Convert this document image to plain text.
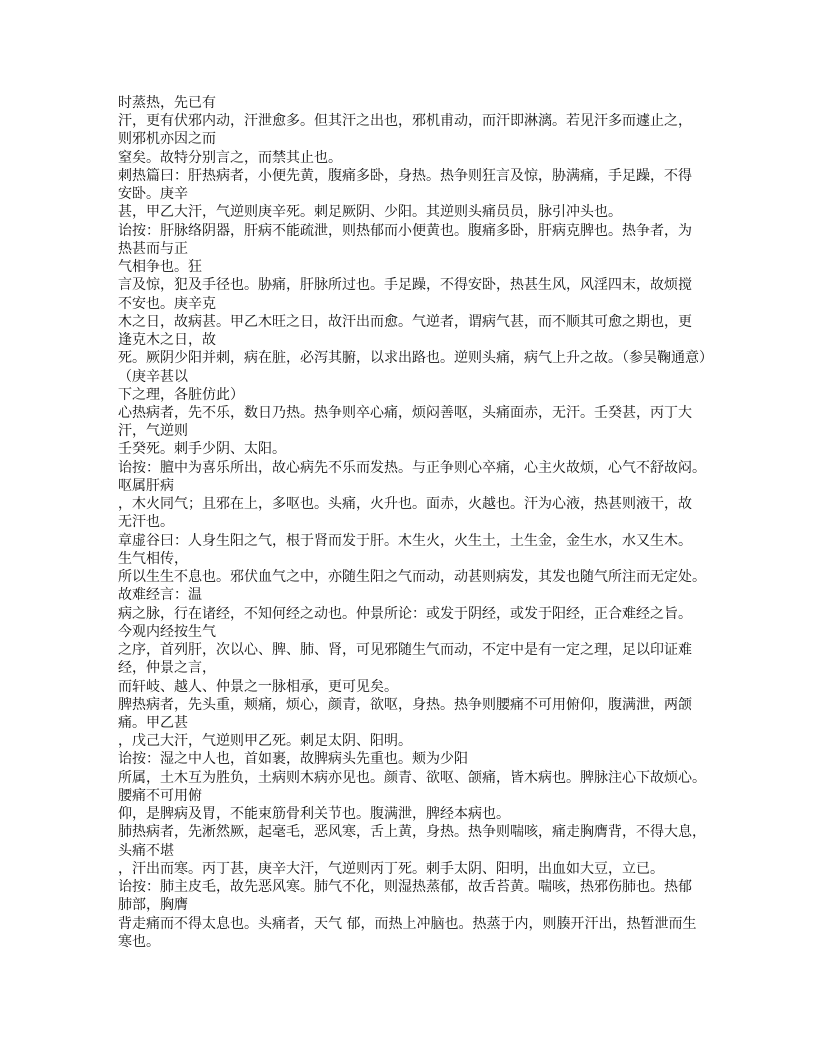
时蒸热，先已有
汗，更有伏邪内动，汗泄愈多。但其汗之出也，邪机甫动，而汗即淋漓。若见汗多而遽止之，
则邪机亦因之而
窒矣。故特分别言之，而禁其止也。
刺热篇曰：肝热病者，小便先黄，腹痛多卧，身热。热争则狂言及惊，胁满痛，手足躁，不得
安卧。庚辛
甚，甲乙大汗，气逆则庚辛死。刺足厥阴、少阳。其逆则头痛员员，脉引冲头也。
诒按：肝脉络阴器，肝病不能疏泄，则热郁而小便黄也。腹痛多卧，肝病克脾也。热争者，为
热甚而与正
气相争也。狂
言及惊，犯及手径也。胁痛，肝脉所过也。手足躁，不得安卧，热甚生风，风淫四末，故烦搅
不安也。庚辛克
木之日，故病甚。甲乙木旺之日，故汗出而愈。气逆者，谓病气甚，而不顺其可愈之期也，更
逢克木之日，故
死。厥阴少阳并刺，病在脏，必泻其腑，以求出路也。逆则头痛，病气上升之故。（参吴鞠通意）
（庚辛甚以
下之理，各脏仿此）
心热病者，先不乐，数日乃热。热争则卒心痛，烦闷善呕，头痛面赤，无汗。壬癸甚，丙丁大
汗，气逆则
壬癸死。刺手少阴、太阳。
诒按：膻中为喜乐所出，故心病先不乐而发热。与正争则心卒痛，心主火故烦，心气不舒故闷。
呕属肝病
，木火同气；且邪在上，多呕也。头痛，火升也。面赤，火越也。汗为心液，热甚则液干，故
无汗也。
章虚谷曰：人身生阳之气，根于肾而发于肝。木生火，火生土，土生金，金生水，水又生木。
生气相传，
所以生生不息也。邪伏血气之中，亦随生阳之气而动，动甚则病发，其发也随气所注而无定处。
故难经言：温
病之脉，行在诸经，不知何经之动也。仲景所论：或发于阴经，或发于阳经，正合难经之旨。
今观内经按生气
之序，首列肝，次以心、脾、肺、肾，可见邪随生气而动，不定中是有一定之理，足以印证难
经，仲景之言，
而轩岐、越人、仲景之一脉相承，更可见矣。
脾热病者，先头重，颊痛，烦心，颜青，欲呕，身热。热争则腰痛不可用俯仰，腹满泄，两颌
痛。甲乙甚
，戊己大汗，气逆则甲乙死。刺足太阴、阳明。
诒按：湿之中人也，首如裹，故脾病头先重也。颊为少阳
所属，土木互为胜负，土病则木病亦见也。颜青、欲呕、颌痛，皆木病也。脾脉注心下故烦心。
腰痛不可用俯
仰，是脾病及胃，不能束筋骨利关节也。腹满泄，脾经本病也。
肺热病者，先淅然厥，起毫毛，恶风寒，舌上黄，身热。热争则喘咳，痛走胸膺背，不得大息，
头痛不堪
，汗出而寒。丙丁甚，庚辛大汗，气逆则丙丁死。刺手太阴、阳明，出血如大豆，立已。
诒按：肺主皮毛，故先恶风寒。肺气不化，则湿热蒸郁，故舌苔黄。喘咳，热邪伤肺也。热郁
肺部，胸膺
背走痛而不得太息也。头痛者，天气 郁，而热上冲脑也。热蒸于内，则腠开汗出，热暂泄而生
寒也。
